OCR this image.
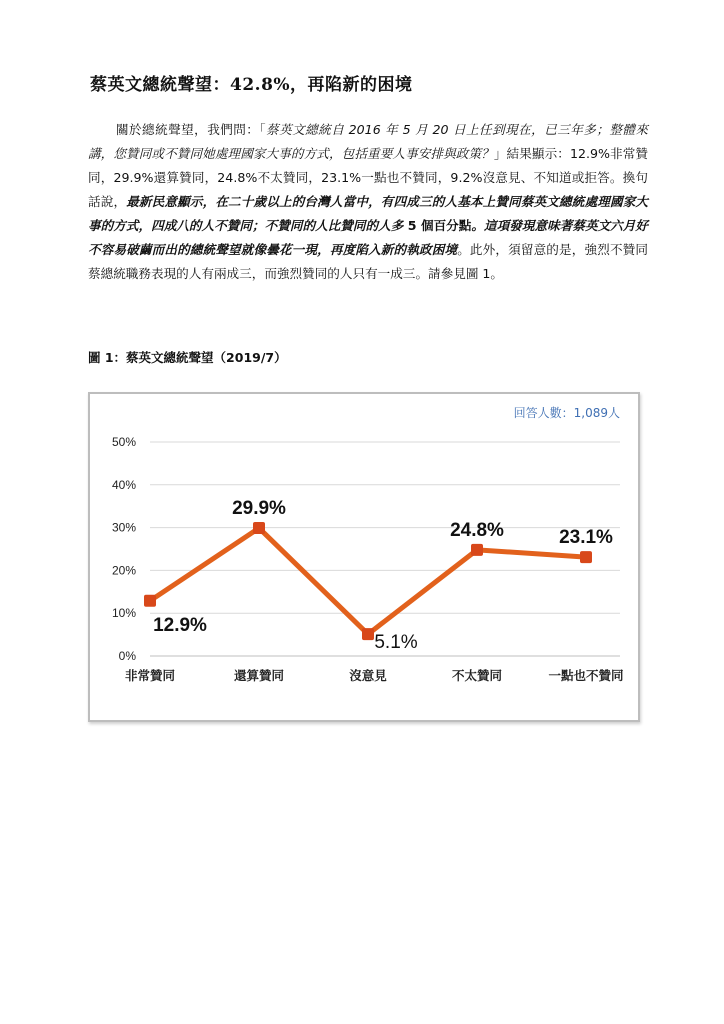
蔡英文總統聲望：42.8%，再陷新的困境

關於總統聲望，我們問：「蔡英文總統自 2016 年 5 月 20 日上任到現在，已三年多；整體來講，您贊同或不贊同她處理國家大事的方式，包括重要人事安排與政策？」結果顯示：12.9%非常贊同，29.9%還算贊同，24.8%不太贊同，23.1%一點也不贊同，9.2%沒意見、不知道或拒答。換句話說，最新民意顯示，在二十歲以上的台灣人當中，有四成三的人基本上贊同蔡英文總統處理國家大事的方式，四成八的人不贊同；不贊同的人比贊同的人多 5 個百分點。這項發現意味著蔡英文六月好不容易破繭而出的總統聲望就像曇花一現，再度陷入新的執政困境。此外，須留意的是，強烈不贊同蔡總統職務表現的人有兩成三，而強烈贊同的人只有一成三。請參見圖 1。

圖 1：蔡英文總統聲望（2019/7）
0%
10%
20%
30%
40%
50%
非常贊同	還算贊同	沒意見	不太贊同	一點也不贊同
12.9%
29.9%
5.1%
24.8%	23.1%
回答人數：1,089人
